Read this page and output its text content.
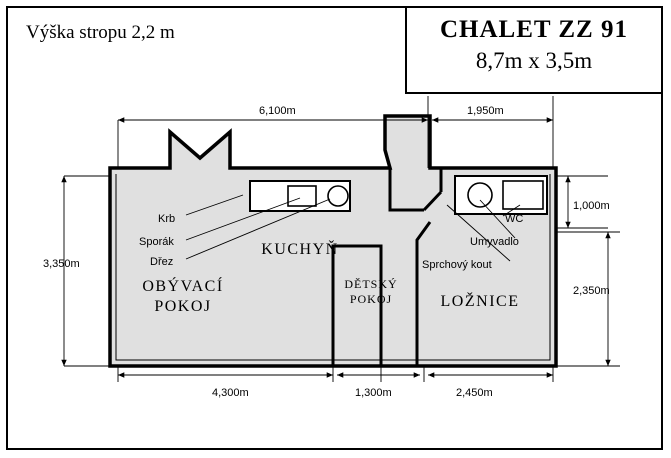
Výška stropu 2,2 m	CHALET ZZ 91
8,7m x 3,5m
OBÝVACÍ
POKOJ
KUCHYŇ
DĚTSKÝ
POKOJ	LOŽNICE
Krb
Sporák
Dřez
WC
Umyvadlo
Sprchový kout
6,100m	1,950m
3,350m
1,000m
2,350m
4,300m	1,300m	2,450m
